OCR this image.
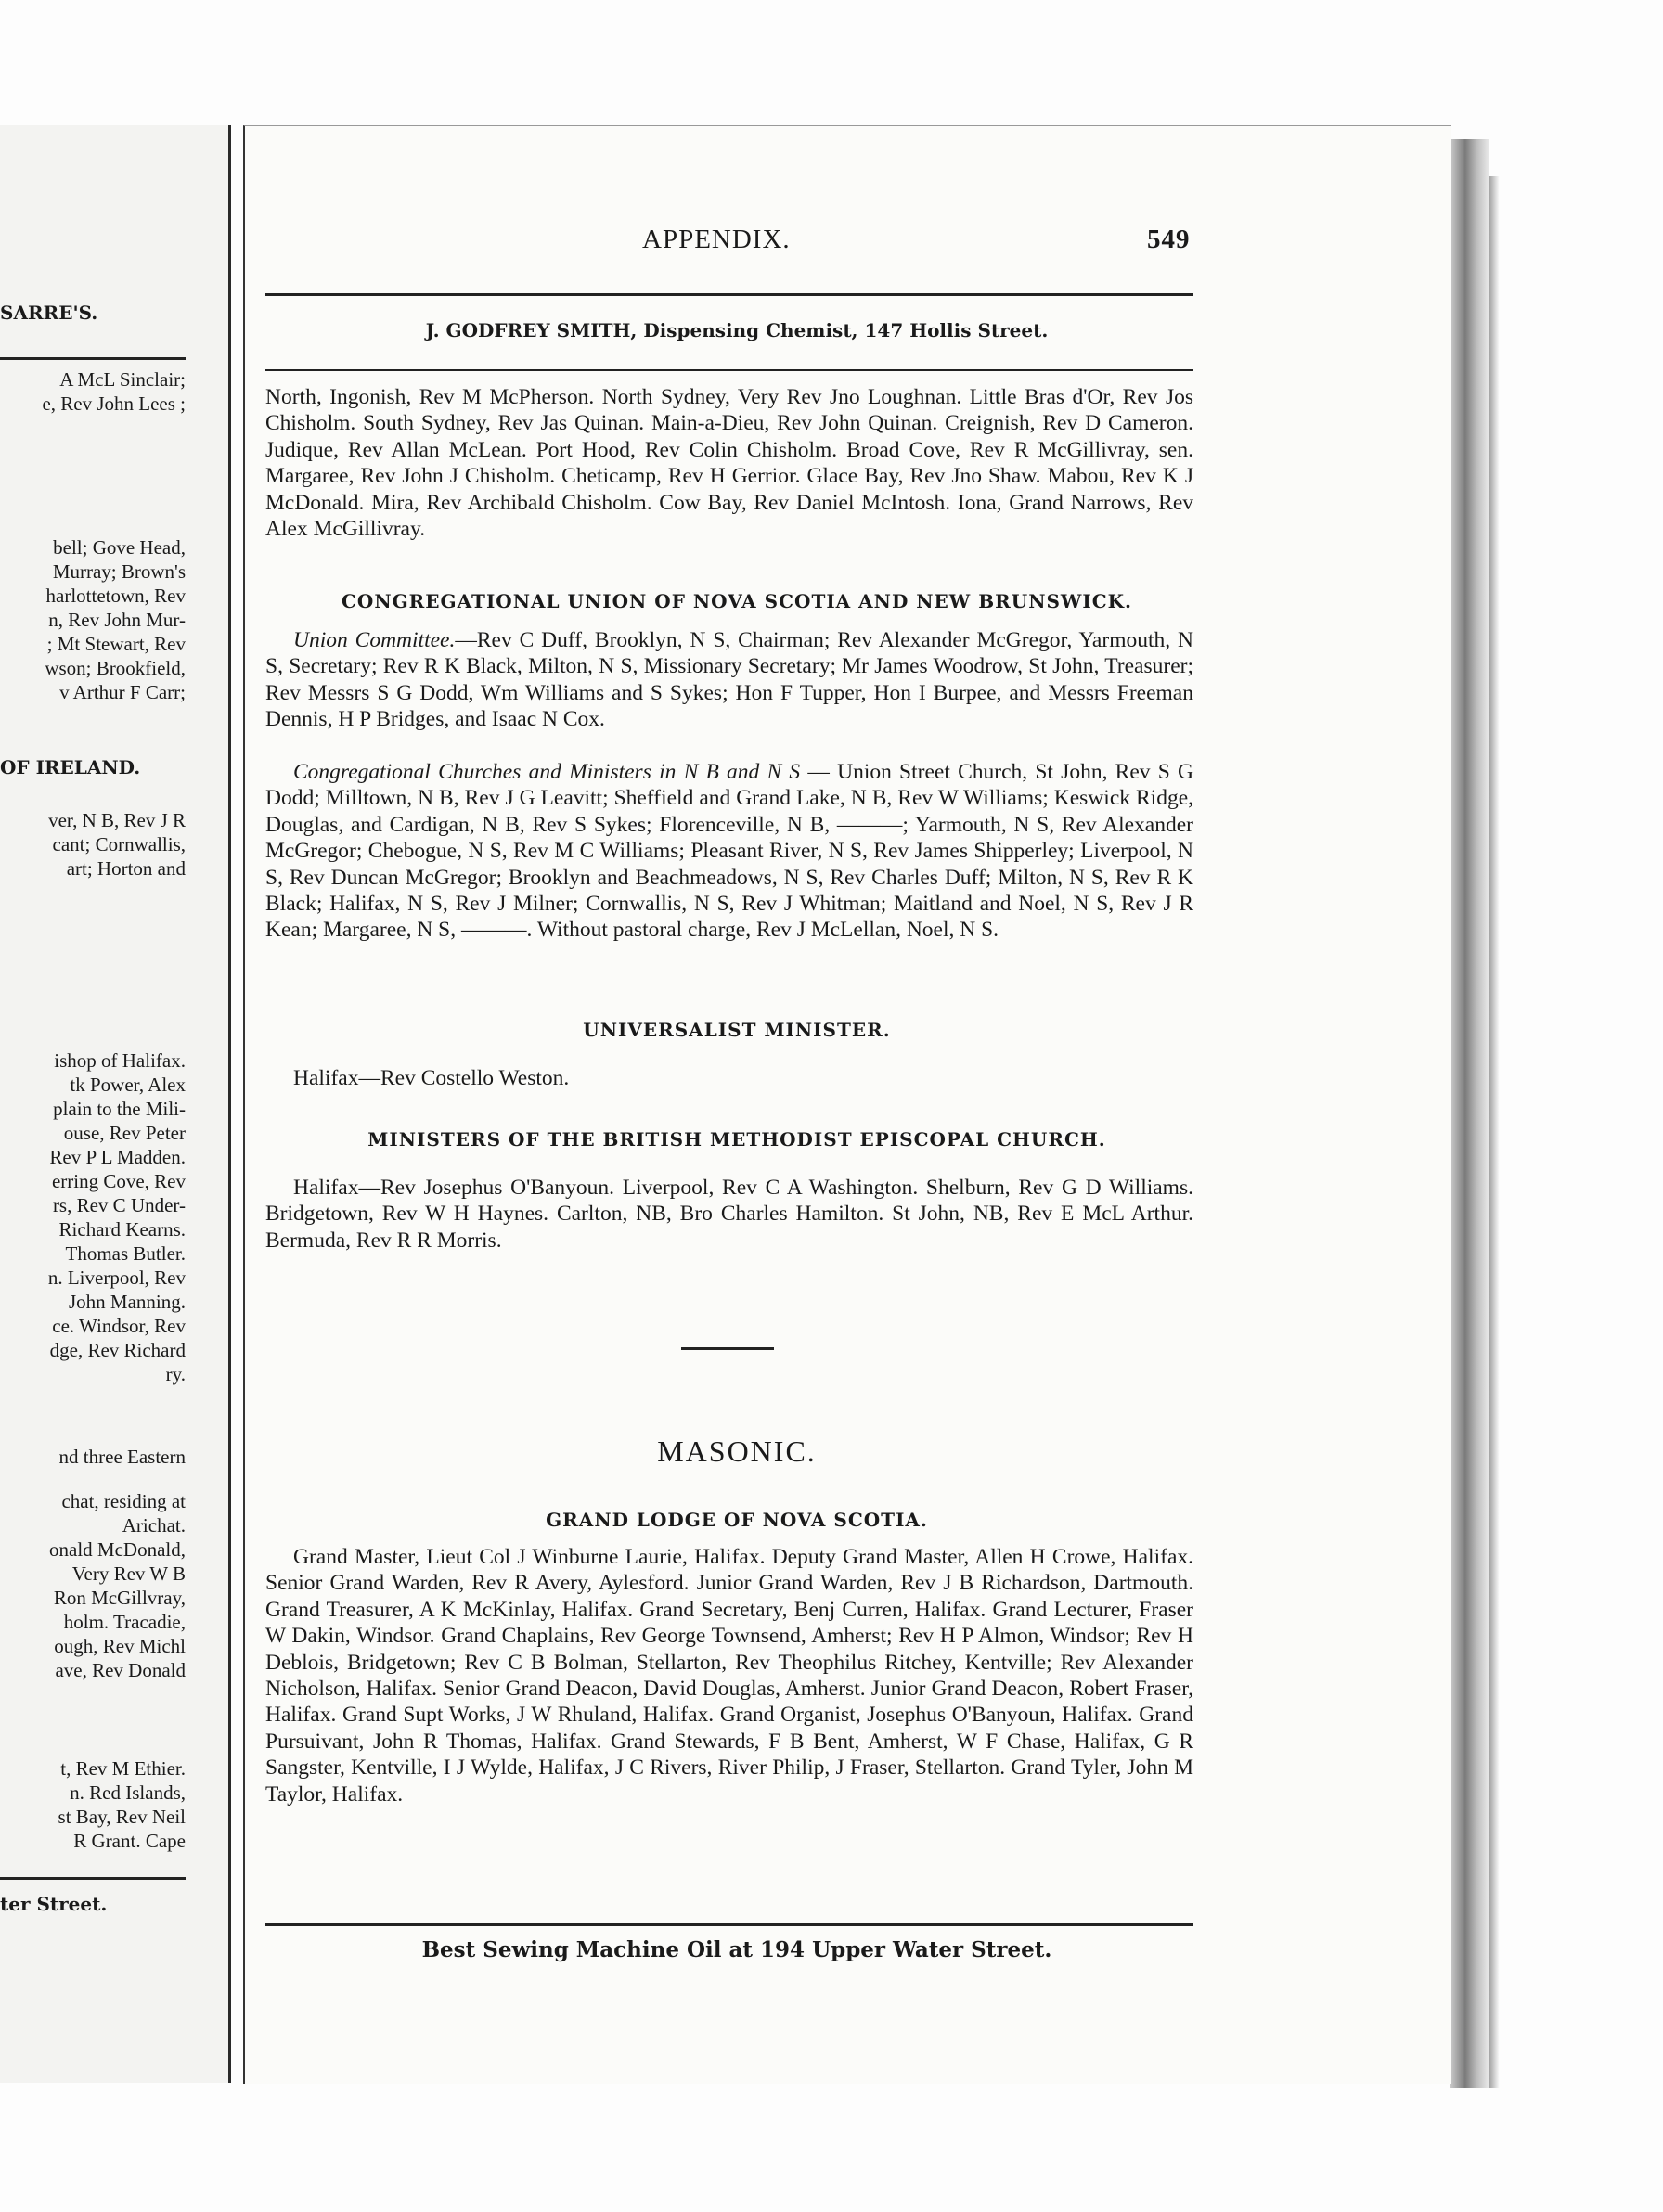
SARRE'S.
A McL Sinclair;
e, Rev John Lees ;
bell; Gove Head,
Murray; Brown's
harlottetown, Rev
n, Rev John Mur-
; Mt Stewart, Rev
wson; Brookfield,
v Arthur F Carr;
OF IRELAND.
ver, N B, Rev J R
cant; Cornwallis,
art; Horton and
ishop of Halifax.
tk Power, Alex
plain to the Mili-
ouse, Rev Peter
Rev P L Madden.
erring Cove, Rev
rs, Rev C Under-
Richard Kearns.
Thomas Butler.
n. Liverpool, Rev
John Manning.
ce. Windsor, Rev
dge, Rev Richard
ry.
nd three Eastern
chat, residing at
Arichat.
onald McDonald,
Very Rev W B
Ron McGillvray,
holm. Tracadie,
ough, Rev Michl
ave, Rev Donald
t, Rev M Ethier.
n. Red Islands,
st Bay, Rev Neil
R Grant. Cape
ter Street.
APPENDIX.	549
J. GODFREY SMITH, Dispensing Chemist, 147 Hollis Street.

North, Ingonish, Rev M McPherson. North Sydney, Very Rev Jno Loughnan. Little Bras d'Or, Rev Jos Chisholm. South Sydney, Rev Jas Quinan. Main-a-Dieu, Rev John Quinan. Creignish, Rev D Cameron. Judique, Rev Allan McLean. Port Hood, Rev Colin Chisholm. Broad Cove, Rev R McGillivray, sen. Margaree, Rev John J Chisholm. Cheticamp, Rev H Gerrior. Glace Bay, Rev Jno Shaw. Mabou, Rev K J McDonald. Mira, Rev Archibald Chisholm. Cow Bay, Rev Daniel McIntosh. Iona, Grand Narrows, Rev Alex McGillivray.

CONGREGATIONAL UNION OF NOVA SCOTIA AND NEW BRUNSWICK.

Union Committee.—Rev C Duff, Brooklyn, N S, Chairman; Rev Alexander McGregor, Yarmouth, N S, Secretary; Rev R K Black, Milton, N S, Missionary Secretary; Mr James Woodrow, St John, Treasurer; Rev Messrs S G Dodd, Wm Williams and S Sykes; Hon F Tupper, Hon I Burpee, and Messrs Freeman Dennis, H P Bridges, and Isaac N Cox.

Congregational Churches and Ministers in N B and N S — Union Street Church, St John, Rev S G Dodd; Milltown, N B, Rev J G Leavitt; Sheffield and Grand Lake, N B, Rev W Williams; Keswick Ridge, Douglas, and Cardigan, N B, Rev S Sykes; Florenceville, N B, ———; Yarmouth, N S, Rev Alexander McGregor; Chebogue, N S, Rev M C Williams; Pleasant River, N S, Rev James Shipperley; Liverpool, N S, Rev Duncan McGregor; Brooklyn and Beachmeadows, N S, Rev Charles Duff; Milton, N S, Rev R K Black; Halifax, N S, Rev J Milner; Cornwallis, N S, Rev J Whitman; Maitland and Noel, N S, Rev J R Kean; Margaree, N S, ———. Without pastoral charge, Rev J McLellan, Noel, N S.

UNIVERSALIST MINISTER.

Halifax—Rev Costello Weston.

MINISTERS OF THE BRITISH METHODIST EPISCOPAL CHURCH.

Halifax—Rev Josephus O'Banyoun. Liverpool, Rev C A Washington. Shelburn, Rev G D Williams. Bridgetown, Rev W H Haynes. Carlton, NB, Bro Charles Hamilton. St John, NB, Rev E McL Arthur. Bermuda, Rev R R Morris.

MASONIC.
GRAND LODGE OF NOVA SCOTIA.

Grand Master, Lieut Col J Winburne Laurie, Halifax. Deputy Grand Master, Allen H Crowe, Halifax. Senior Grand Warden, Rev R Avery, Aylesford. Junior Grand Warden, Rev J B Richardson, Dartmouth. Grand Treasurer, A K McKinlay, Halifax. Grand Secretary, Benj Curren, Halifax. Grand Lecturer, Fraser W Dakin, Windsor. Grand Chaplains, Rev George Townsend, Amherst; Rev H P Almon, Windsor; Rev H Deblois, Bridgetown; Rev C B Bolman, Stellarton, Rev Theophilus Ritchey, Kentville; Rev Alexander Nicholson, Halifax. Senior Grand Deacon, David Douglas, Amherst. Junior Grand Deacon, Robert Fraser, Halifax. Grand Supt Works, J W Rhuland, Halifax. Grand Organist, Josephus O'Banyoun, Halifax. Grand Pursuivant, John R Thomas, Halifax. Grand Stewards, F B Bent, Amherst, W F Chase, Halifax, G R Sangster, Kentville, I J Wylde, Halifax, J C Rivers, River Philip, J Fraser, Stellarton. Grand Tyler, John M Taylor, Halifax.

Best Sewing Machine Oil at 194 Upper Water Street.
